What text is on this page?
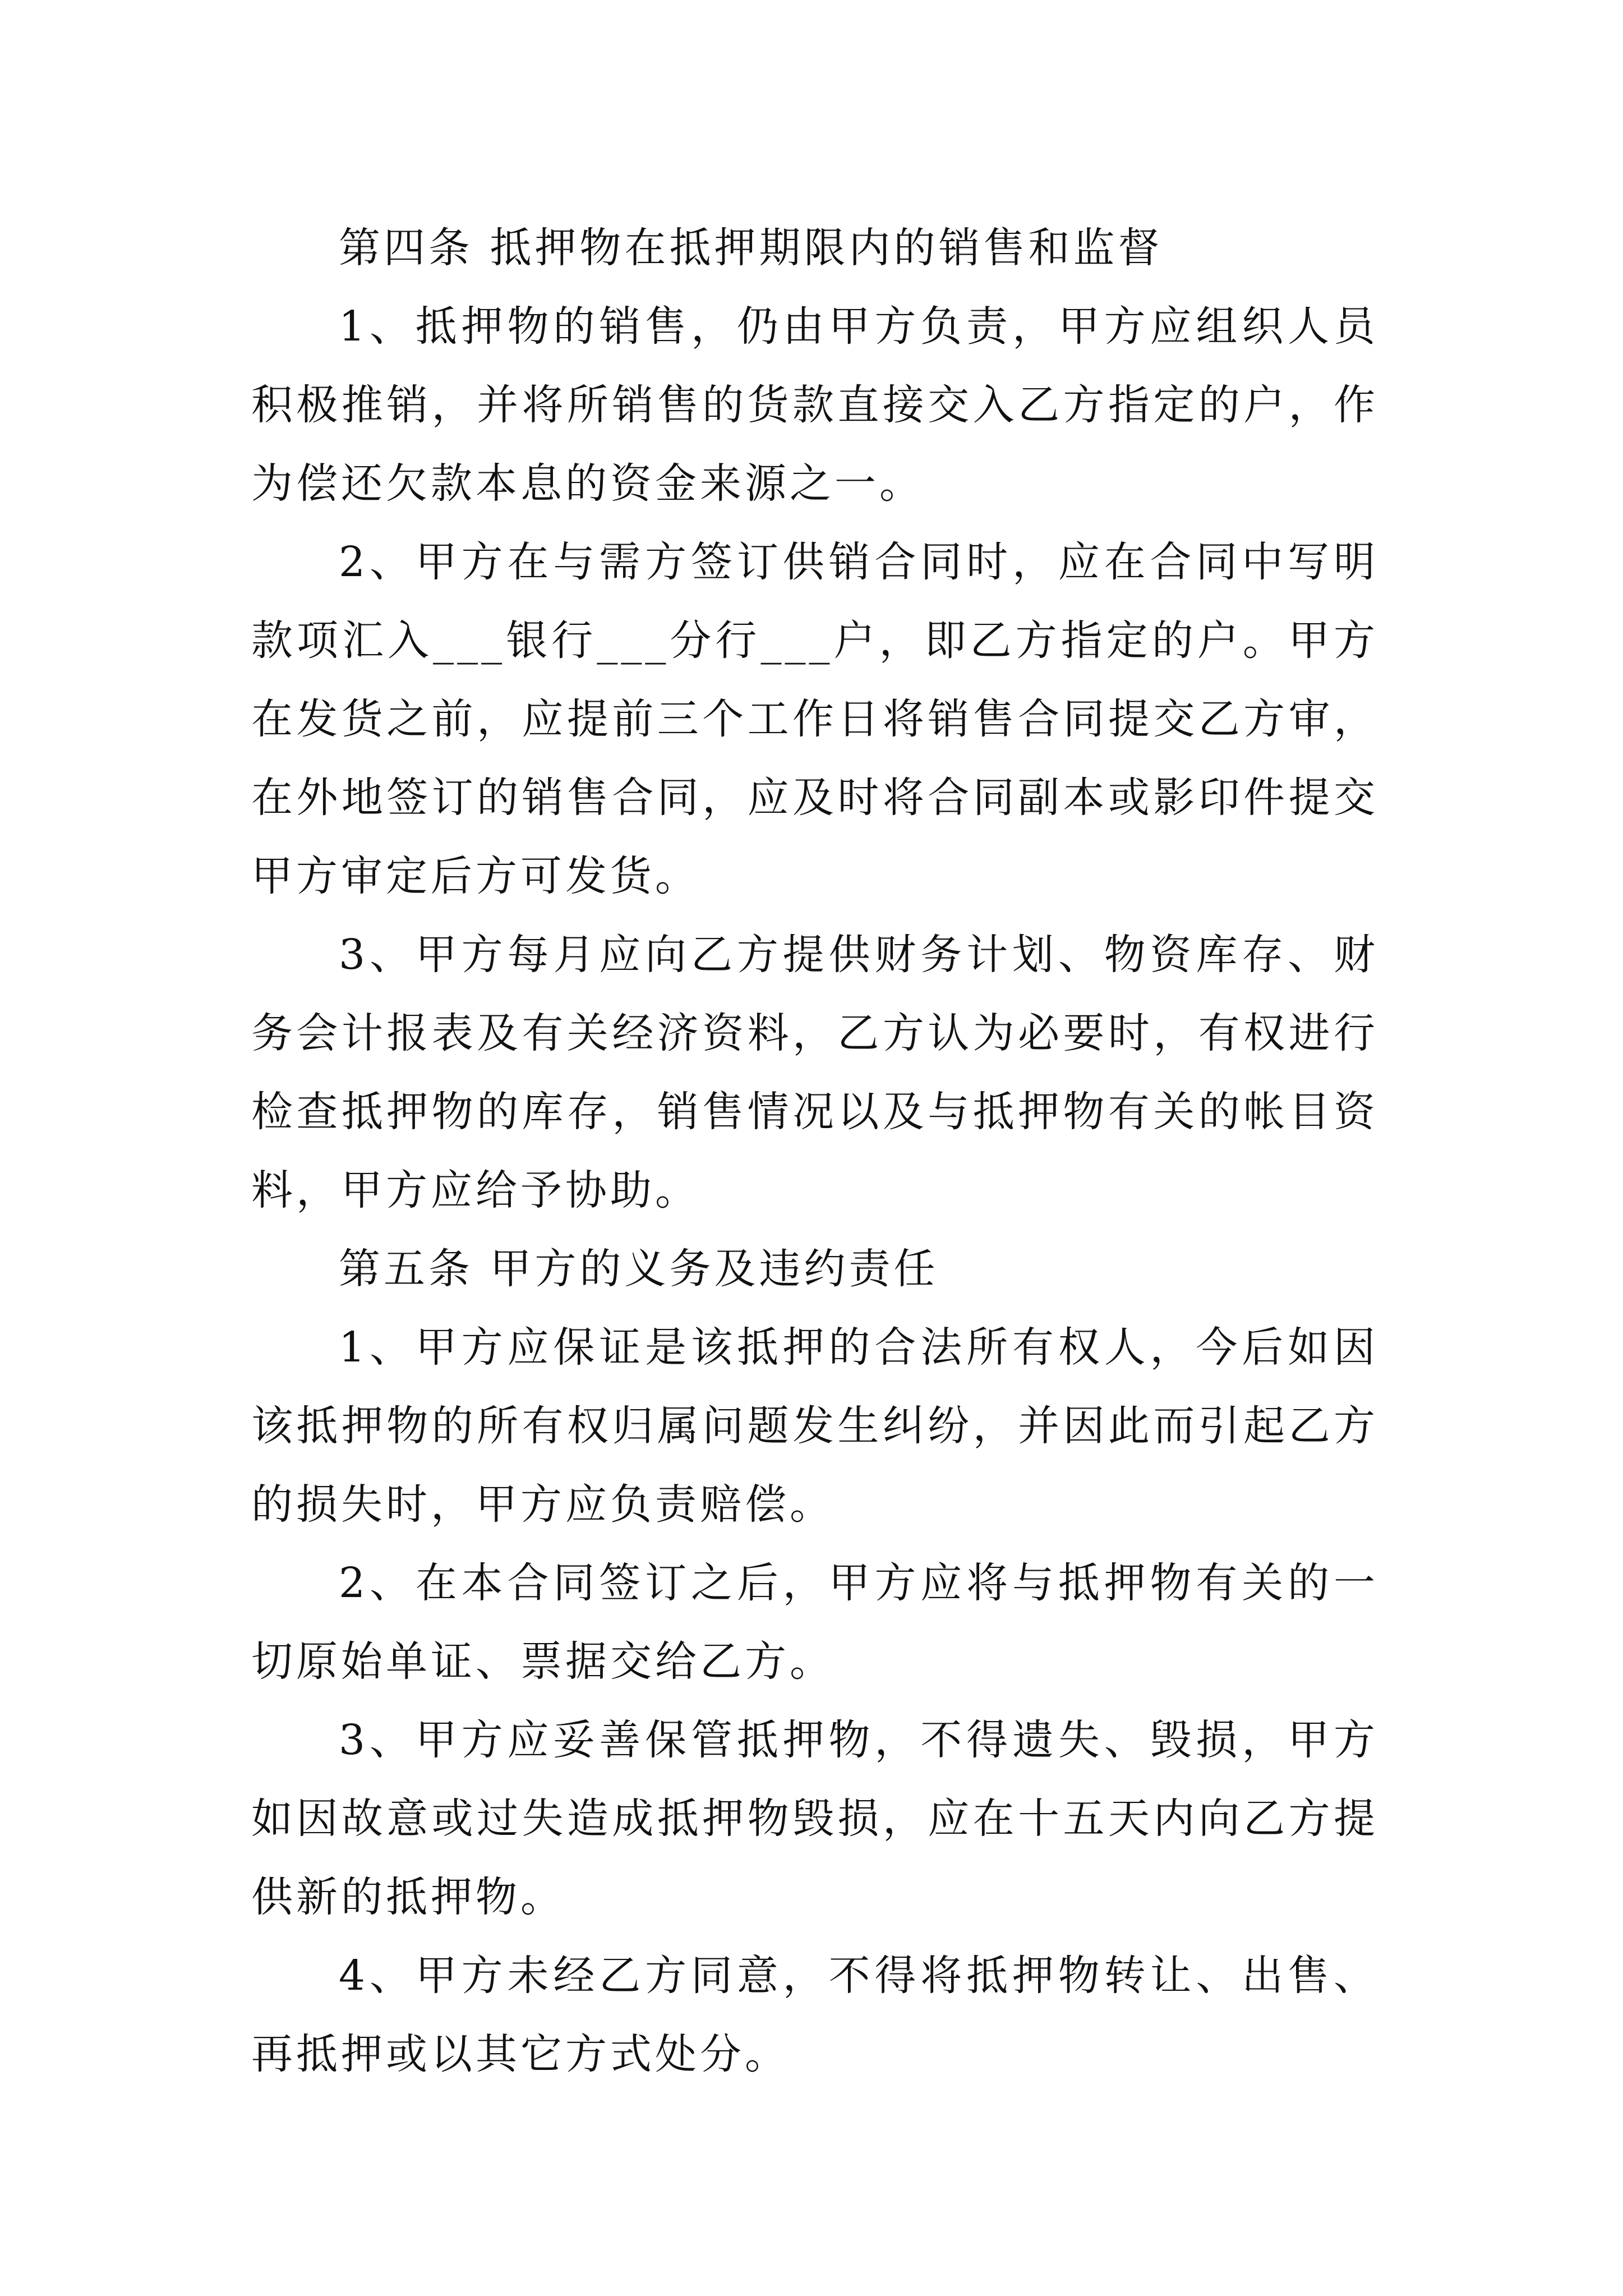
第四条 抵押物在抵押期限内的销售和监督

1、抵押物的销售，仍由甲方负责，甲方应组织人员积极推销，并将所销售的货款直接交入乙方指定的户，作为偿还欠款本息的资金来源之一。

2、甲方在与需方签订供销合同时，应在合同中写明款项汇入___银行___分行___户，即乙方指定的户。甲方在发货之前，应提前三个工作日将销售合同提交乙方审，在外地签订的销售合同，应及时将合同副本或影印件提交甲方审定后方可发货。

3、甲方每月应向乙方提供财务计划、物资库存、财务会计报表及有关经济资料，乙方认为必要时，有权进行检查抵押物的库存，销售情况以及与抵押物有关的帐目资料，甲方应给予协助。

第五条 甲方的义务及违约责任

1、甲方应保证是该抵押的合法所有权人，今后如因该抵押物的所有权归属问题发生纠纷，并因此而引起乙方的损失时，甲方应负责赔偿。

2、在本合同签订之后，甲方应将与抵押物有关的一切原始单证、票据交给乙方。

3、甲方应妥善保管抵押物，不得遗失、毁损，甲方如因故意或过失造成抵押物毁损，应在十五天内向乙方提供新的抵押物。

4、甲方未经乙方同意，不得将抵押物转让、出售、再抵押或以其它方式处分。
